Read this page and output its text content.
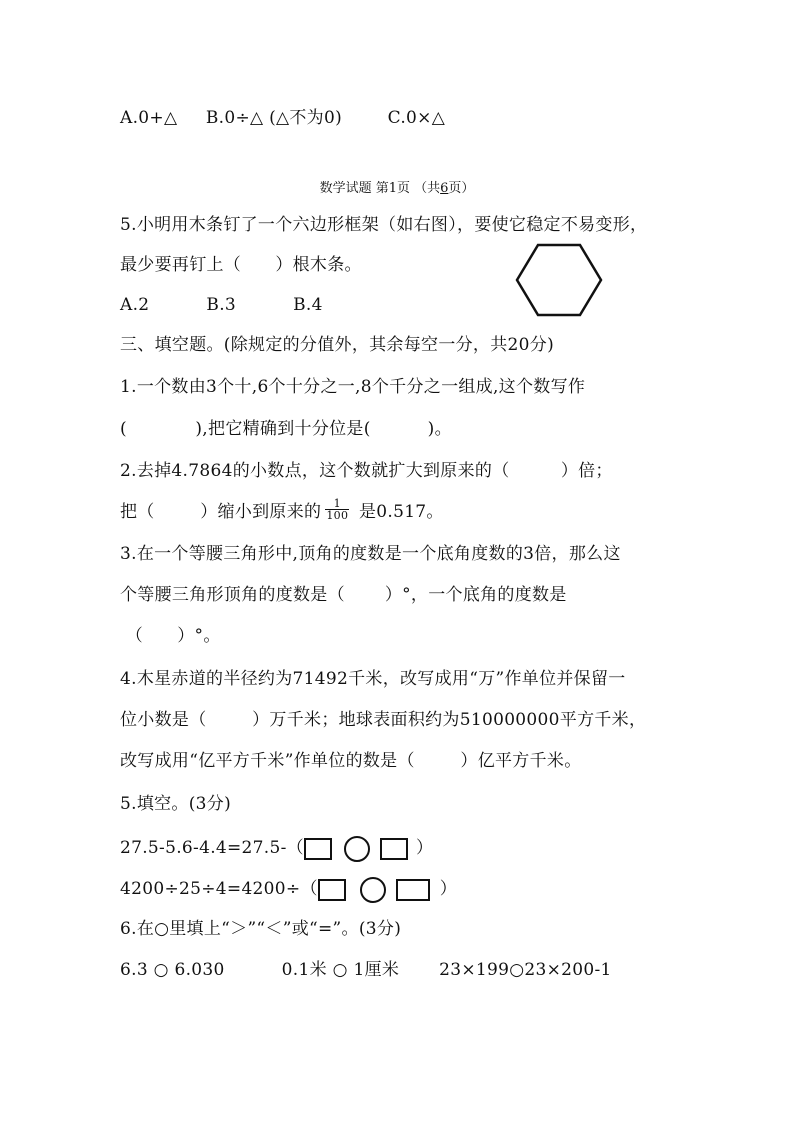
A.0+△     B.0÷△ (△不为0)        C.0×△
数学试题 第1页 （共6页）
5.小明用木条钉了一个六边形框架（如右图），要使它稳定不易变形，
最少要再钉上（      ）根木条。
A.2          B.3          B.4
三、填空题。(除规定的分值外，其余每空一分，共20分)
1.一个数由3个十,6个十分之一,8个千分之一组成,这个数写作
(            ),把它精确到十分位是(          )。
2.去掉4.7864的小数点，这个数就扩大到原来的（         ）倍；
把（        ）缩小到原来的 $\frac{1}{100}$ 是0.517。
3.在一个等腰三角形中,顶角的度数是一个底角度数的3倍，那么这
个等腰三角形顶角的度数是（       ）°，一个底角的度数是
（      ）°。
4.木星赤道的半径约为71492千米，改写成用“万”作单位并保留一
位小数是（        ）万千米；地球表面积约为510000000平方千米，
改写成用“亿平方千米”作单位的数是（        ）亿平方千米。
5.填空。(3分)
27.5-5.6-4.4=27.5-（	）
4200÷25÷4=4200÷（	）
6.在○里填上“＞”“＜”或“=”。(3分)
6.3 ○ 6.030          0.1米 ○ 1厘米       23×199○23×200-1
